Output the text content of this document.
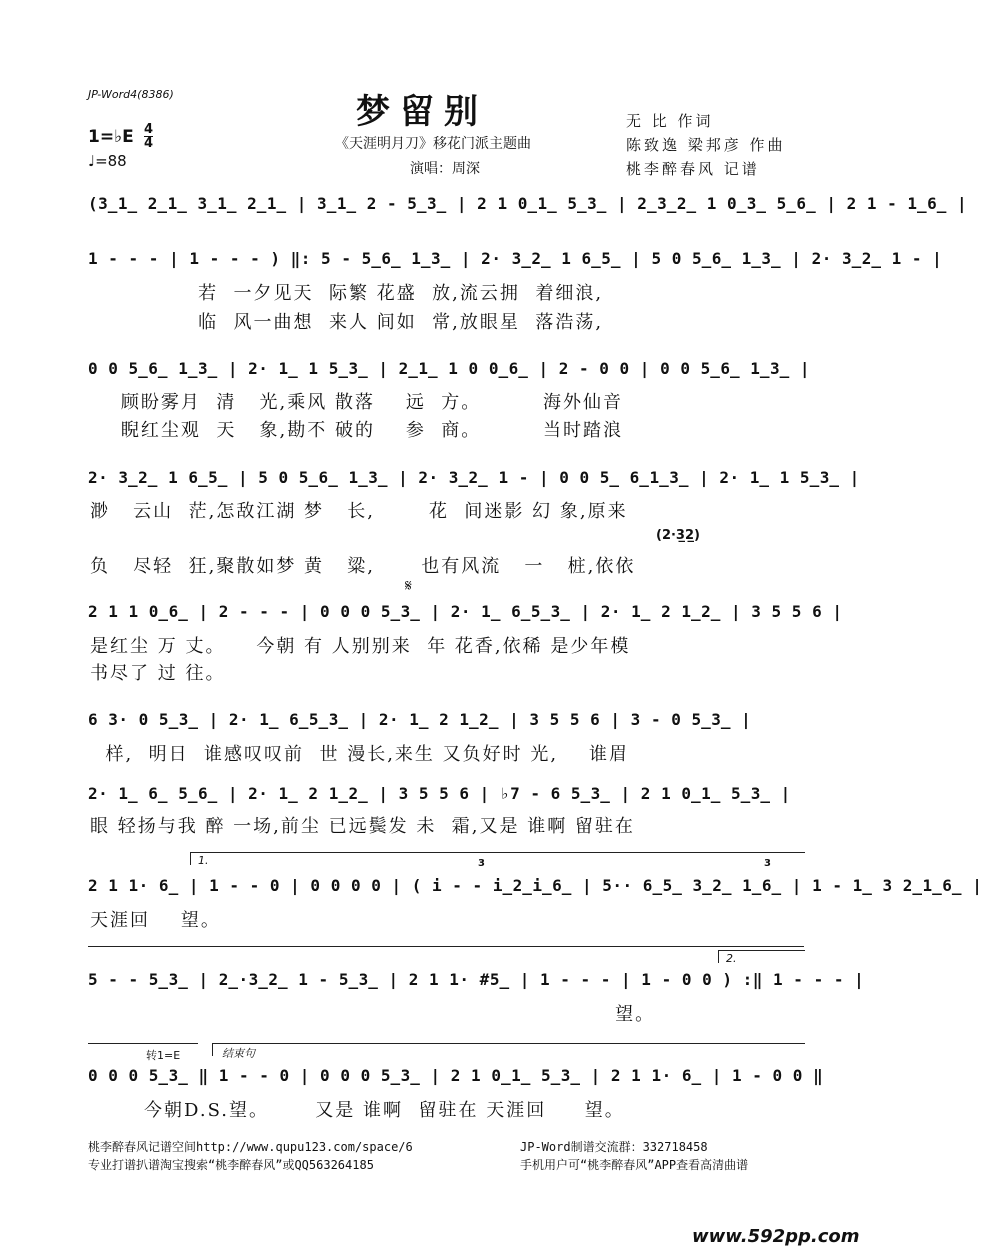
JP-Word4(8386)	梦留别
《天涯明月刀》移花门派主题曲
演唱：周深
无 比 作词
陈致逸 梁邦彦 作曲
桃李醉春风 记谱
1=♭E 4
4
♩=88
(3̲1̲ 2̲1̲ 3̲1̲ 2̲1̲ | 3̲1̲ 2 - 5̲3̲ | 2 1 0̲1̲ 5̲3̲ | 2̲3̲2̲ 1 0̲3̲ 5̲6̲ | 2 1 - 1̲6̲ |
1 - - - | 1 - - - ) ‖: 5 - 5̲6̲ 1̲3̲ | 2· 3̲2̲ 1 6̲5̲ | 5 0 5̲6̲ 1̲3̲ | 2· 3̲2̲ 1 - |
若  一夕见天  际繁 花盛  放,流云拥  着细浪,
临  风一曲想  来人 间如  常,放眼星  落浩荡,
0 0 5̲6̲ 1̲3̲ | 2· 1̲ 1 5̲3̲ | 2̲1̲ 1 0 0̲6̲ | 2 - 0 0 | 0 0 5̲6̲ 1̲3̲ |
顾盼雾月  清   光,乘风 散落    远  方。        海外仙音
睨红尘观  天   象,勘不 破的    参  商。        当时踏浪
2· 3̲2̲ 1 6̲5̲ | 5 0 5̲6̲ 1̲3̲ | 2· 3̲2̲ 1 - | 0 0 5̲ 6̲1̲3̲ | 2· 1̲ 1 5̲3̲ |
渺   云山  茫,怎敌江湖 梦   长,       花  间迷影 幻 象,原来
(2·3̲2̲)
负   尽轻  狂,聚散如梦 黄   粱,      也有风流   一   桩,依依
𝄋
2 1 1 0̲6̲ | 2 - - - | 0 0 0 5̲3̲ | 2· 1̲ 6̲5̲3̲ | 2· 1̲ 2 1̲2̲ | 3 5 5 6 |
是红尘 万 丈。    今朝 有 人别别来  年 花香,依稀 是少年模
书尽了 过 往。
6 3· 0 5̲3̲ | 2· 1̲ 6̲5̲3̲ | 2· 1̲ 2 1̲2̲ | 3 5 5 6 | 3 - 0 5̲3̲ |
样,  明日  谁感叹叹前  世 漫长,来生 又负好时 光,    谁眉
2· 1̲ 6̲ 5̲6̲ | 2· 1̲ 2 1̲2̲ | 3 5 5 6 | ♭7 - 6 5̲3̲ | 2 1 0̲1̲ 5̲3̲ |
眼 轻扬与我 醉 一场,前尘 已远鬓发 未  霜,又是 谁啊 留驻在
1.	3	3
2 1 1· 6̲ | 1 - - 0 | 0 0 0 0 | ( i - - i̲2̲i̲6̲ | 5·· 6̲5̲ 3̲2̲ 1̲6̲ | 1 - 1̲ 3 2̲1̲6̲ |
天涯回    望。
2.
5 - - 5̲3̲ | 2̲·3̲2̲ 1 - 5̲3̲ | 2 1 1· #5̲ | 1 - - - | 1 - 0 0 ) :‖ 1 - - - |
望。
转1=E	结束句
0 0 0 5̲3̲ ‖ 1 - - 0 | 0 0 0 5̲3̲ | 2 1 0̲1̲ 5̲3̲ | 2 1 1· 6̲ | 1 - 0 0 ‖
今朝D.S.望。      又是 谁啊  留驻在 天涯回     望。
桃李醉春风记谱空间http://www.qupu123.com/space/6
专业打谱扒谱淘宝搜索“桃李醉春风”或QQ563264185
JP-Word制谱交流群：332718458
手机用户可“桃李醉春风”APP查看高清曲谱
www.592pp.com
